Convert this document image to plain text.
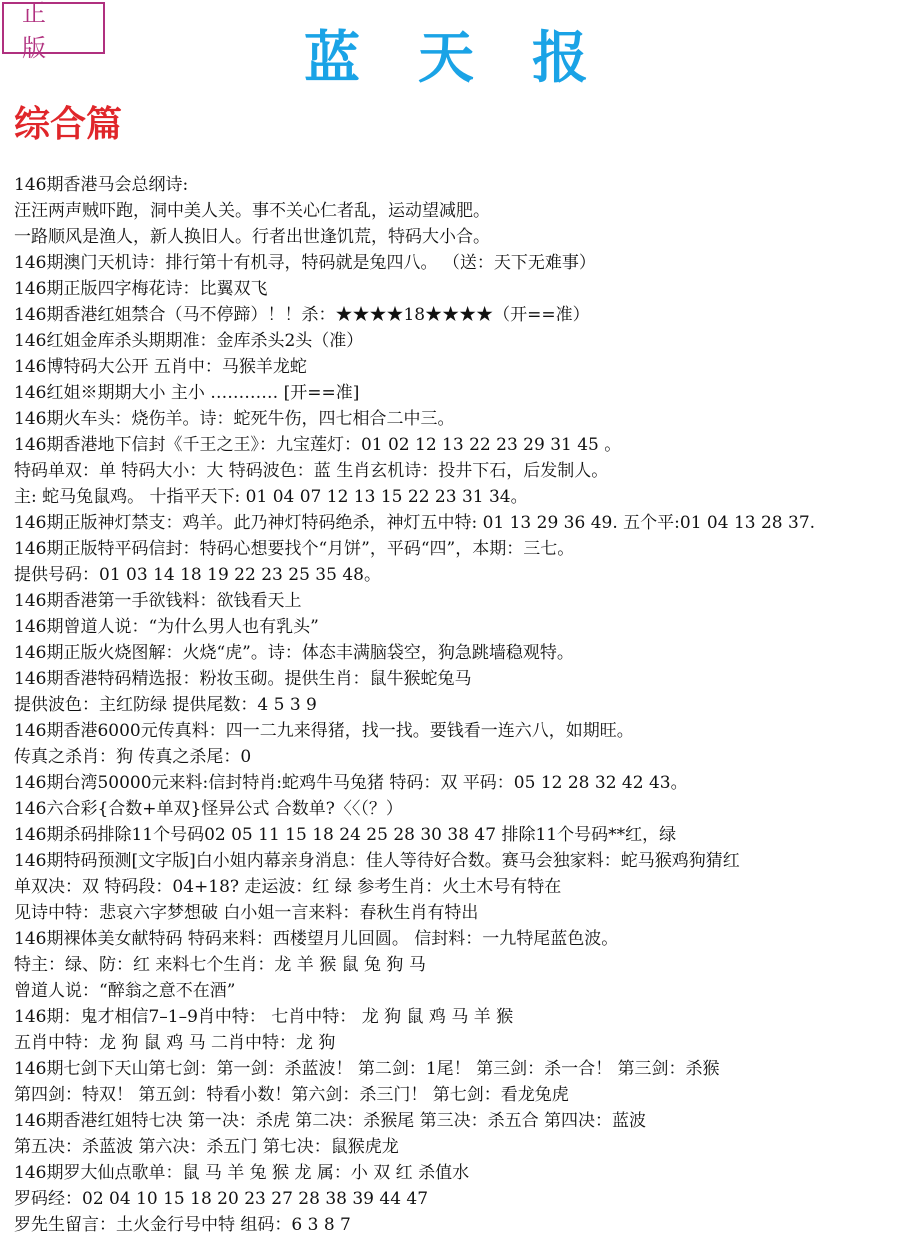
正版	蓝天报
综合篇
146期香港马会总纲诗:
汪汪两声贼吓跑，洞中美人关。事不关心仁者乱，运动望减肥。
一路顺风是渔人，新人换旧人。行者出世逢饥荒，特码大小合。
146期澳门天机诗：排行第十有机寻，特码就是兔四八。 （送：天下无难事）
146期正版四字梅花诗：比翼双飞
146期香港红姐禁合（马不停蹄）！！杀：★★★★18★★★★（开==准）
146红姐金库杀头期期准：金库杀头2头（准）
146博特码大公开 五肖中：马猴羊龙蛇
146红姐※期期大小 主小 ………… [开==准]
146期火车头：烧伤羊。诗：蛇死牛伤，四七相合二中三。
146期香港地下信封《千王之王》：九宝莲灯：01 02 12 13 22 23 29 31 45 。
特码单双：单 特码大小：大 特码波色：蓝 生肖玄机诗：投井下石，后发制人。
主: 蛇马兔鼠鸡。 十指平天下: 01 04 07 12 13 15 22 23 31 34。
146期正版神灯禁支：鸡羊。此乃神灯特码绝杀，神灯五中特: 01 13 29 36 49. 五个平:01 04 13 28 37.
146期正版特平码信封：特码心想要找个“月饼”，平码“四”，本期：三七。
提供号码：01 03 14 18 19 22 23 25 35 48。
146期香港第一手欲钱料：欲钱看天上
146期曾道人说：“为什么男人也有乳头”
146期正版火烧图解：火烧“虎”。诗：体态丰满脑袋空，狗急跳墙稳观特。
146期香港特码精选报：粉妆玉砌。提供生肖：鼠牛猴蛇兔马
提供波色：主红防绿 提供尾数：4 5 3 9
146期香港6000元传真料：四一二九来得猪，找一找。要钱看一连六八，如期旺。
传真之杀肖：狗 传真之杀尾：0
146期台湾50000元来料:信封特肖:蛇鸡牛马兔猪 特码：双 平码：05 12 28 32 42 43。
146六合彩{合数+单双}怪异公式 合数单?〈〈（？）
146期杀码排除11个号码02 05 11 15 18 24 25 28 30 38 47 排除11个号码**红，绿
146期特码预测[文字版]白小姐内幕亲身消息：佳人等待好合数。赛马会独家料：蛇马猴鸡狗猜红
单双决：双 特码段：04+18? 走运波：红 绿 参考生肖：火土木号有特在
见诗中特：悲哀六字梦想破 白小姐一言来料：春秋生肖有特出
146期裸体美女献特码 特码来料：西楼望月儿回圆。 信封料：一九特尾蓝色波。
特主：绿、防：红 来料七个生肖：龙 羊 猴 鼠 兔 狗 马
曾道人说：“醉翁之意不在酒”
146期：鬼才相信7–1–9肖中特： 七肖中特： 龙 狗 鼠 鸡 马 羊 猴
五肖中特：龙 狗 鼠 鸡 马 二肖中特：龙 狗
146期七剑下天山第七剑：第一剑：杀蓝波！ 第二剑：1尾！ 第三剑：杀一合！ 第三剑：杀猴
第四剑：特双！ 第五剑：特看小数！第六剑：杀三门！ 第七剑：看龙兔虎
146期香港红姐特七决 第一决：杀虎 第二决：杀猴尾 第三决：杀五合 第四决：蓝波
第五决：杀蓝波 第六决：杀五门 第七决：鼠猴虎龙
146期罗大仙点歌单：鼠 马 羊 兔 猴 龙 属：小 双 红 杀值水
罗码经：02 04 10 15 18 20 23 27 28 38 39 44 47
罗先生留言：土火金行号中特 组码：6 3 8 7
